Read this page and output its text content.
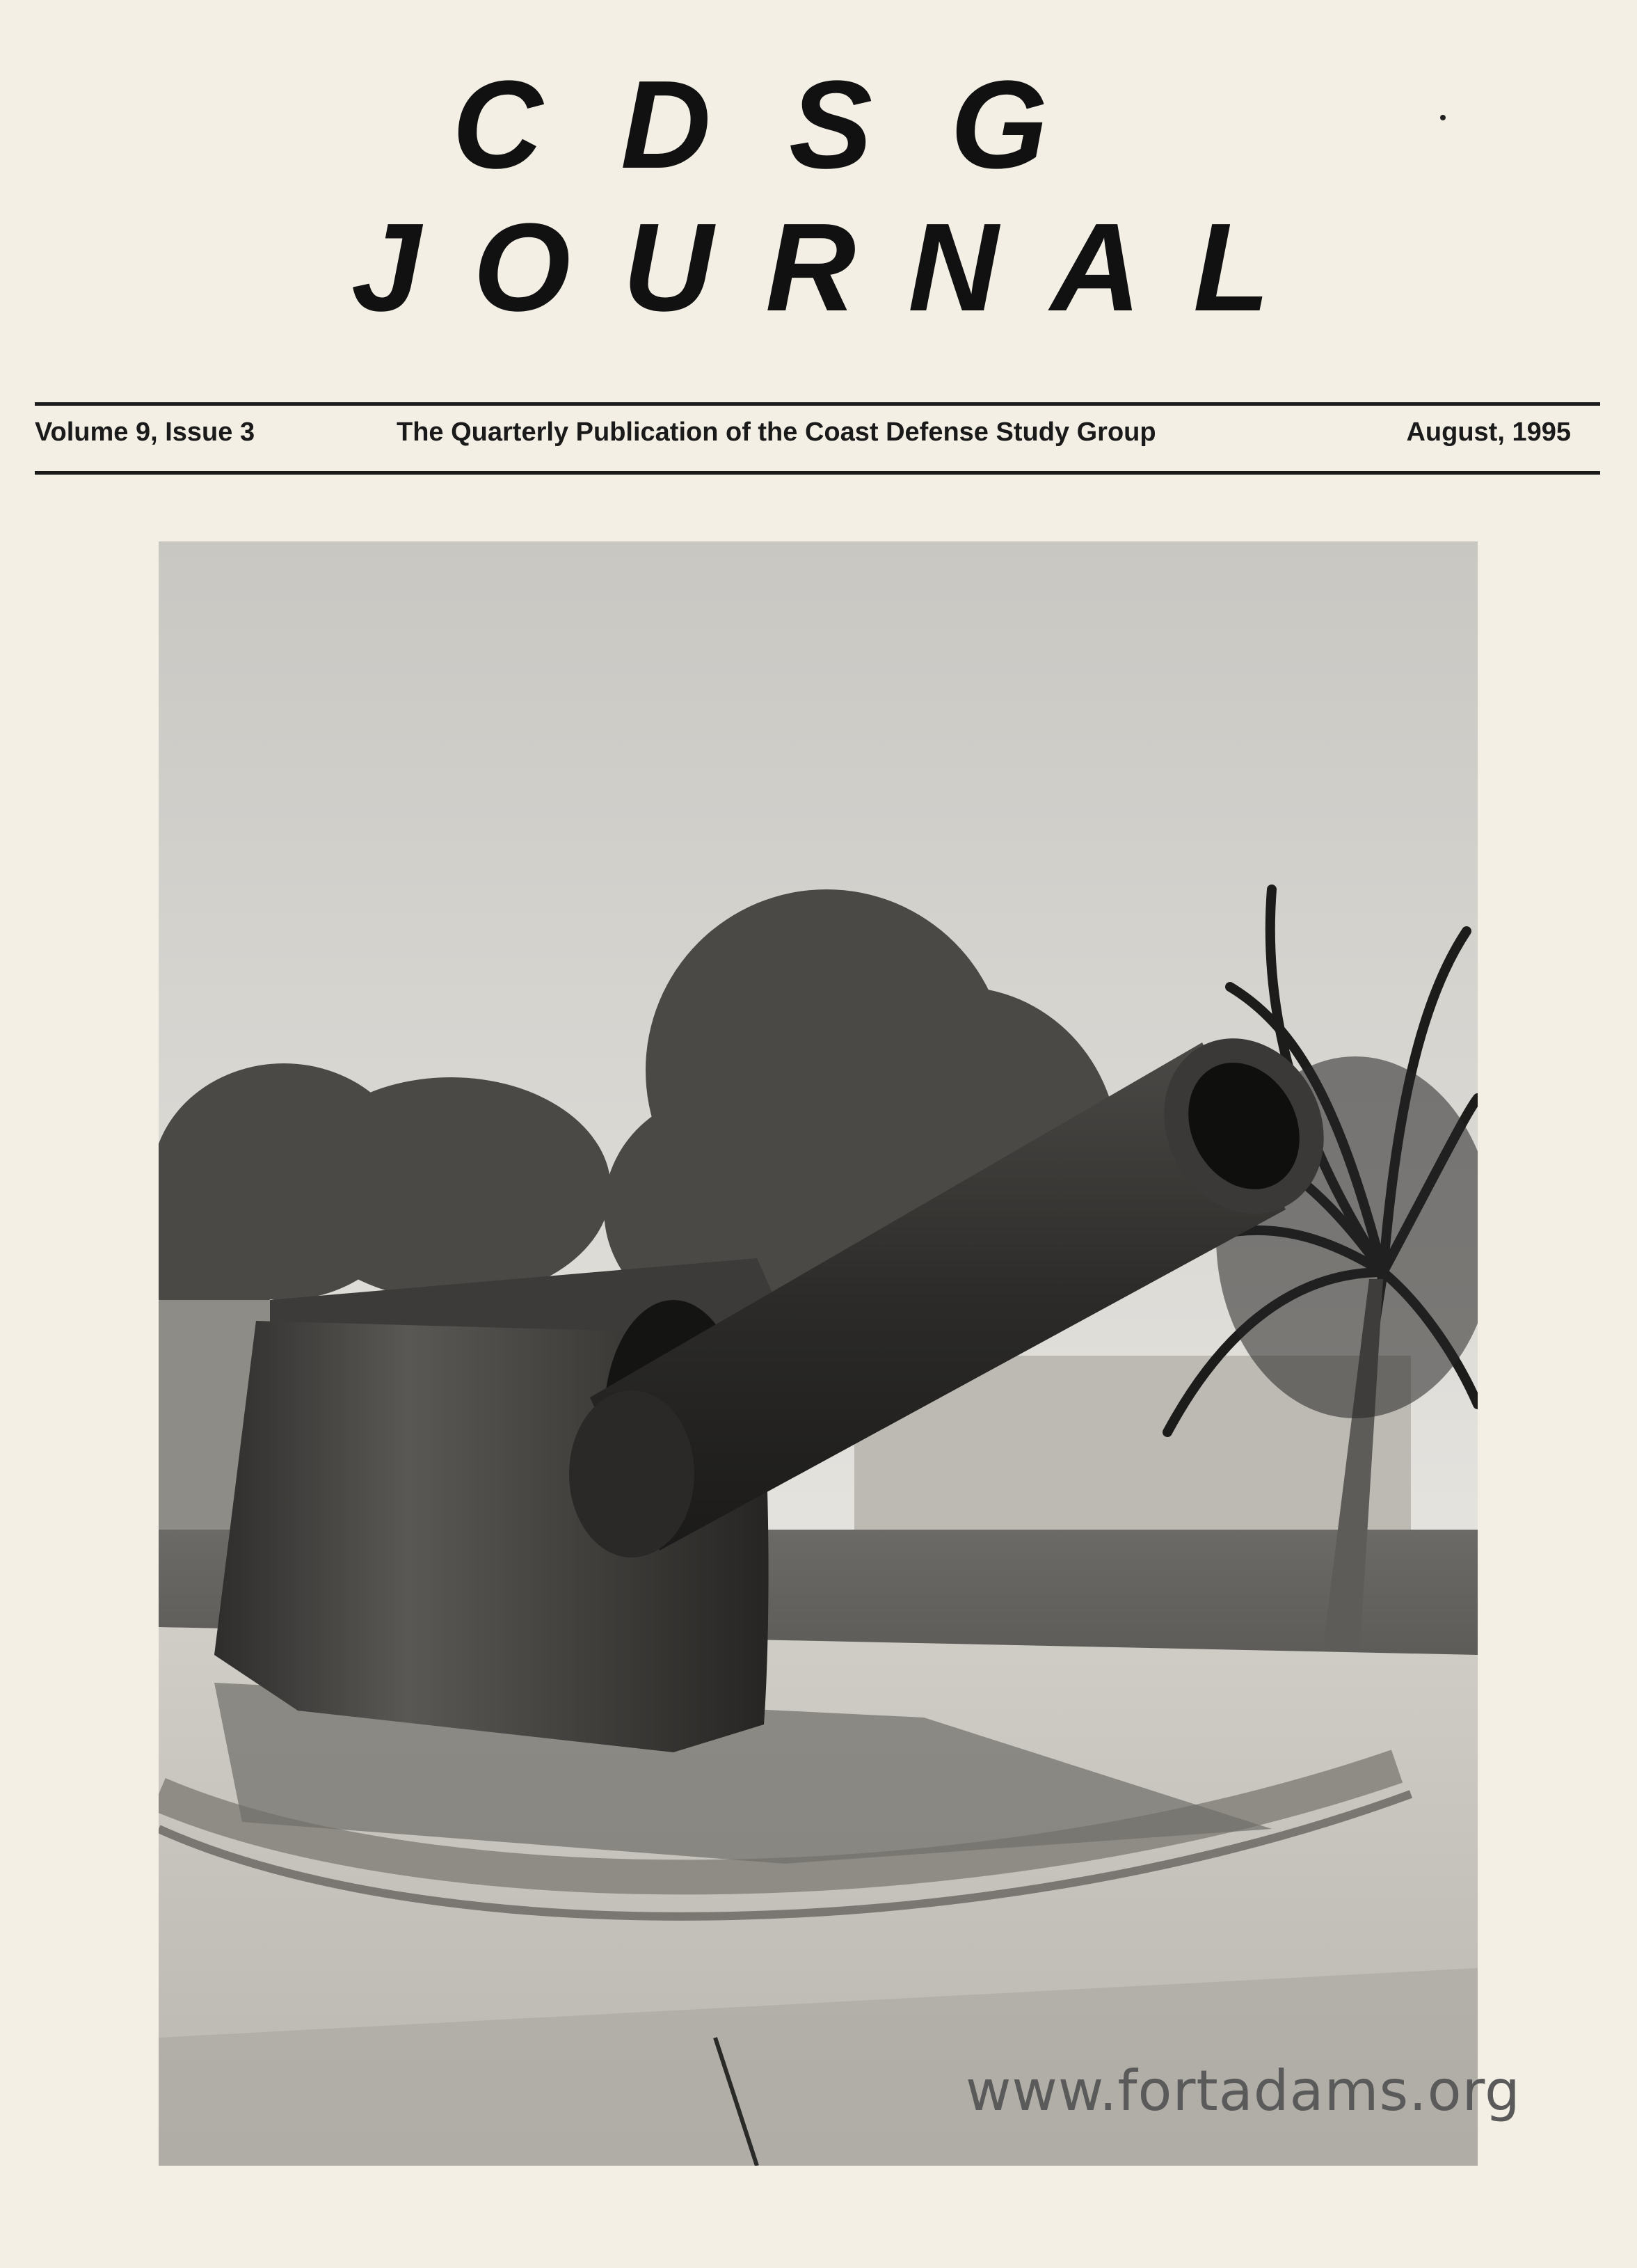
CDSG
JOURNAL
Volume 9, Issue 3	The Quarterly Publication of the Coast Defense Study Group	August, 1995
www.fortadams.org
